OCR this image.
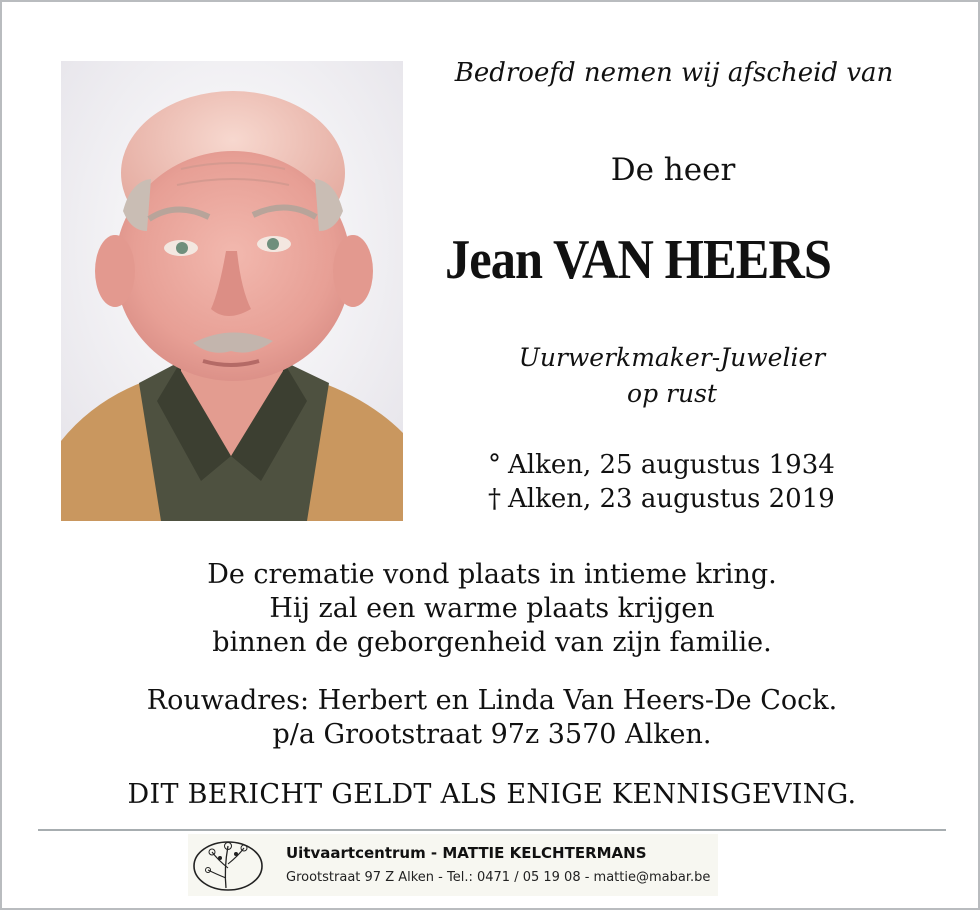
Bedroefd nemen wij afscheid van
De heer
Jean VAN HEERS
Uurwerkmaker-Juwelier
op rust
° Alken, 25 augustus 1934
† Alken, 23 augustus 2019
De crematie vond plaats in intieme kring.
Hij zal een warme plaats krijgen
binnen de geborgenheid van zijn familie.
Rouwadres: Herbert en Linda Van Heers-De Cock.
p/a Grootstraat 97z 3570 Alken.
DIT BERICHT GELDT ALS ENIGE KENNISGEVING.
Uitvaartcentrum - MATTIE KELCHTERMANS
Grootstraat 97 Z Alken - Tel.: 0471 / 05 19 08 - mattie@mabar.be
